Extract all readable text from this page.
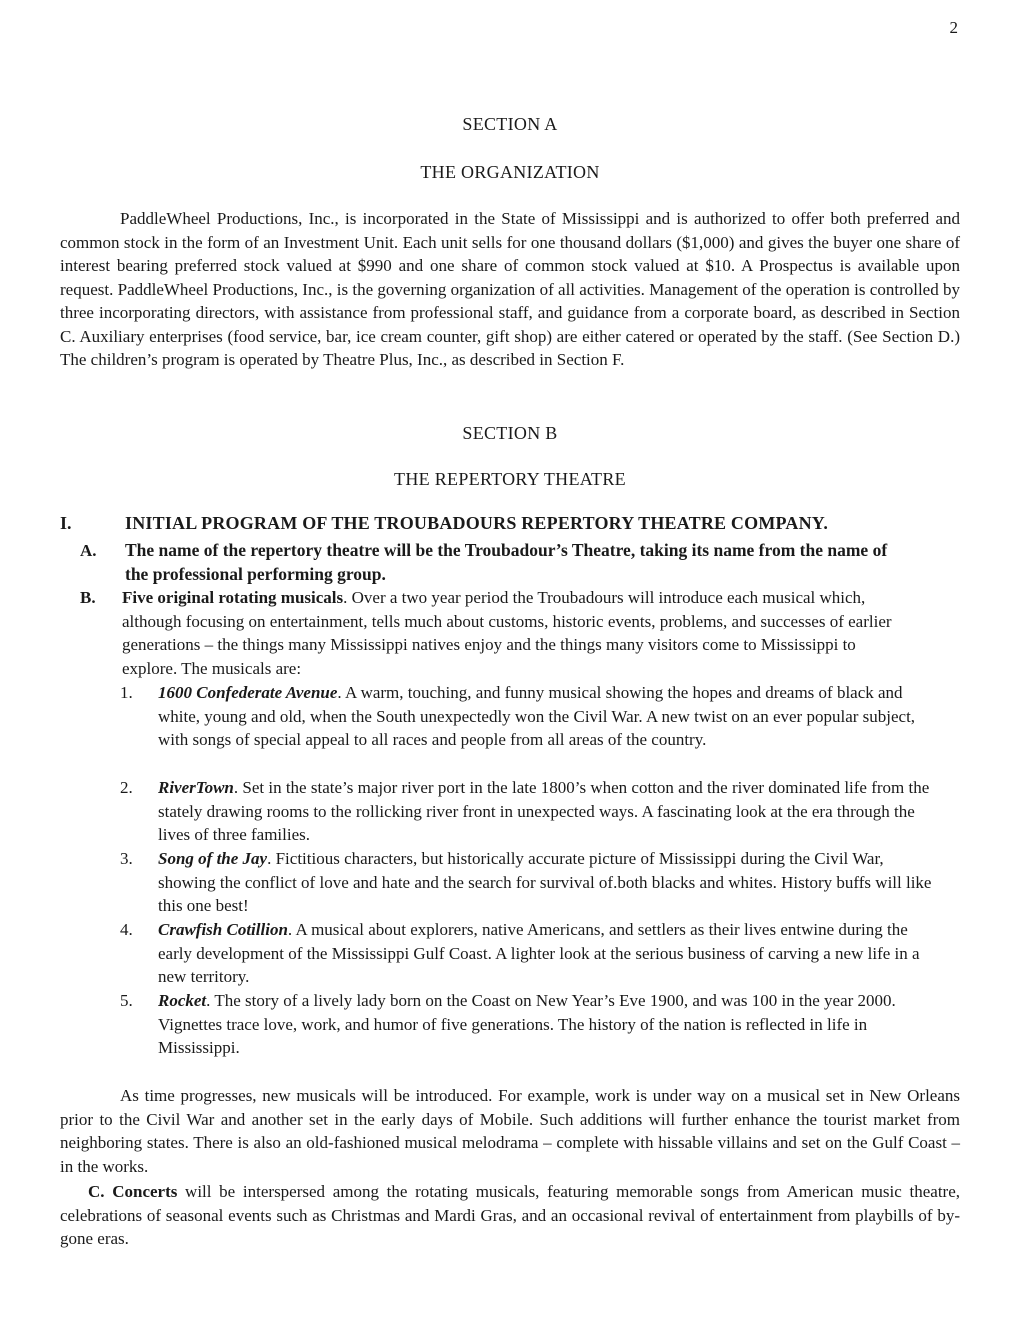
2
SECTION A
THE ORGANIZATION
PaddleWheel Productions, Inc., is incorporated in the State of Mississippi and is authorized to offer both preferred and common stock in the form of an Investment Unit. Each unit sells for one thousand dollars ($1,000) and gives the buyer one share of interest bearing preferred stock valued at $990 and one share of common stock valued at $10. A Prospectus is available upon request. PaddleWheel Productions, Inc., is the governing organization of all activities. Management of the operation is controlled by three incorporating directors, with assistance from professional staff, and guidance from a corporate board, as described in Section C. Auxiliary enterprises (food service, bar, ice cream counter, gift shop) are either catered or operated by the staff. (See Section D.) The children’s program is operated by Theatre Plus, Inc., as described in Section F.
SECTION B
THE REPERTORY THEATRE
I.	INITIAL PROGRAM OF THE TROUBADOURS REPERTORY THEATRE COMPANY.
A. The name of the repertory theatre will be the Troubadour’s Theatre, taking its name from the name of the professional performing group.
B. Five original rotating musicals. Over a two year period the Troubadours will introduce each musical which, although focusing on entertainment, tells much about customs, historic events, problems, and successes of earlier generations – the things many Mississippi natives enjoy and the things many visitors come to Mississippi to explore. The musicals are:
1. 1600 Confederate Avenue. A warm, touching, and funny musical showing the hopes and dreams of black and white, young and old, when the South unexpectedly won the Civil War. A new twist on an ever popular subject, with songs of special appeal to all races and people from all areas of the country.
2. RiverTown. Set in the state’s major river port in the late 1800’s when cotton and the river dominated life from the stately drawing rooms to the rollicking river front in unexpected ways. A fascinating look at the era through the lives of three families.
3. Song of the Jay. Fictitious characters, but historically accurate picture of Mississippi during the Civil War, showing the conflict of love and hate and the search for survival of.both blacks and whites. History buffs will like this one best!
4. Crawfish Cotillion. A musical about explorers, native Americans, and settlers as their lives entwine during the early development of the Mississippi Gulf Coast. A lighter look at the serious business of carving a new life in a new territory.
5. Rocket. The story of a lively lady born on the Coast on New Year’s Eve 1900, and was 100 in the year 2000. Vignettes trace love, work, and humor of five generations. The history of the nation is reflected in life in Mississippi.
As time progresses, new musicals will be introduced. For example, work is under way on a musical set in New Orleans prior to the Civil War and another set in the early days of Mobile. Such additions will further enhance the tourist market from neighboring states. There is also an old-fashioned musical melodrama – complete with hissable villains and set on the Gulf Coast – in the works.
C. Concerts will be interspersed among the rotating musicals, featuring memorable songs from American music theatre, celebrations of seasonal events such as Christmas and Mardi Gras, and an occasional revival of entertainment from playbills of by-gone eras.
